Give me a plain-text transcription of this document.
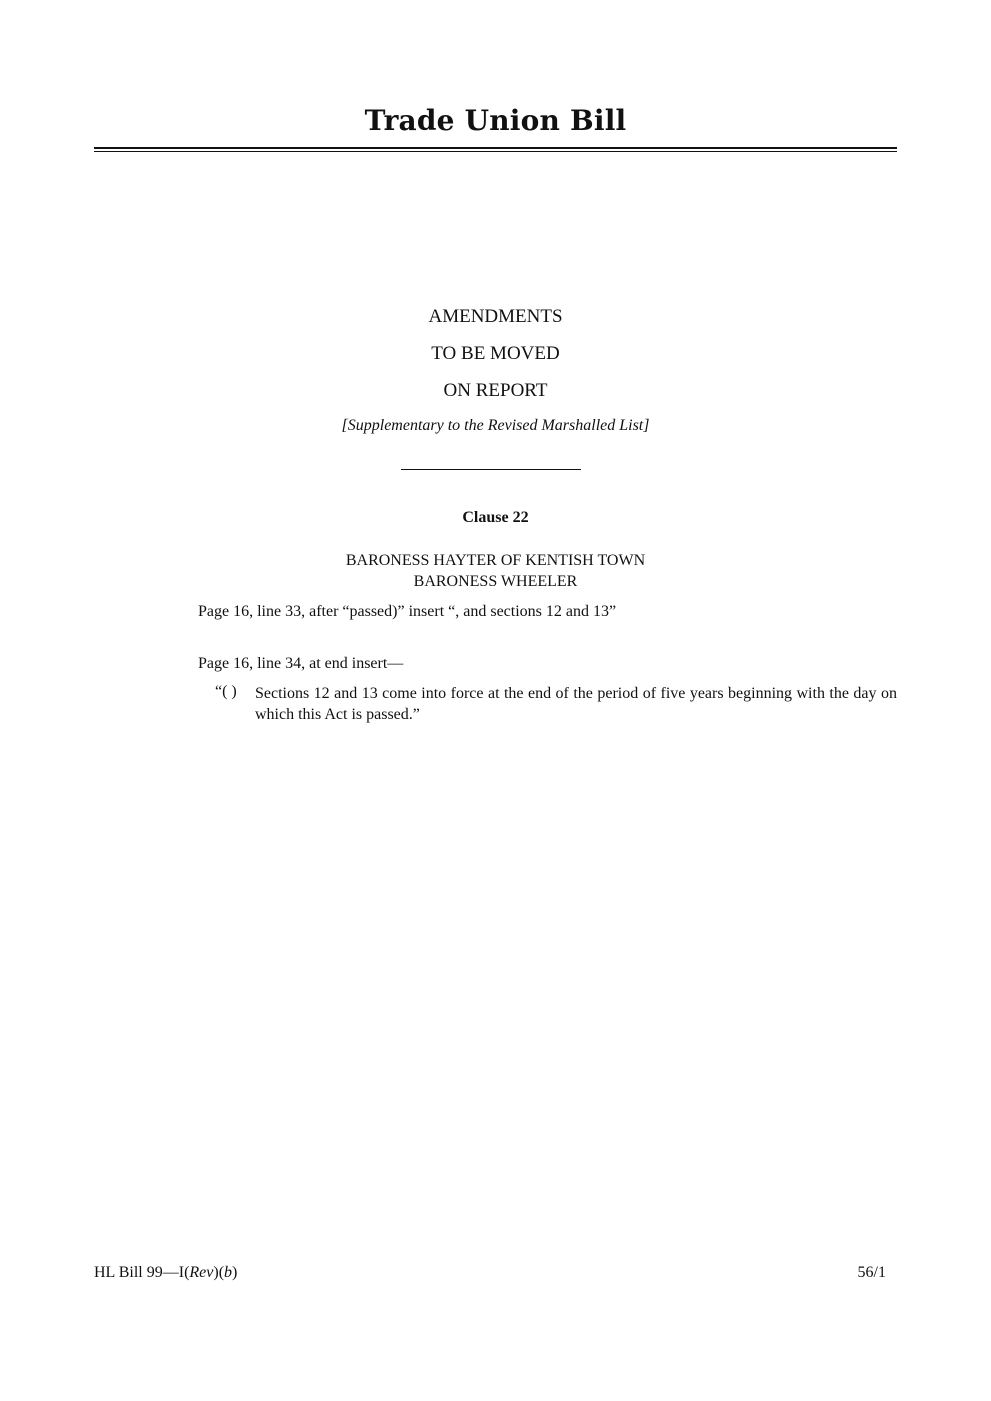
Trade Union Bill
AMENDMENTS
TO BE MOVED
ON REPORT
[Supplementary to the Revised Marshalled List]
Clause 22
BARONESS HAYTER OF KENTISH TOWN
BARONESS WHEELER
Page 16, line 33, after “passed)” insert “, and sections 12 and 13”
Page 16, line 34, at end insert—
“( ) Sections 12 and 13 come into force at the end of the period of five years beginning with the day on which this Act is passed.”
HL Bill 99—I(Rev)(b)	56/1
